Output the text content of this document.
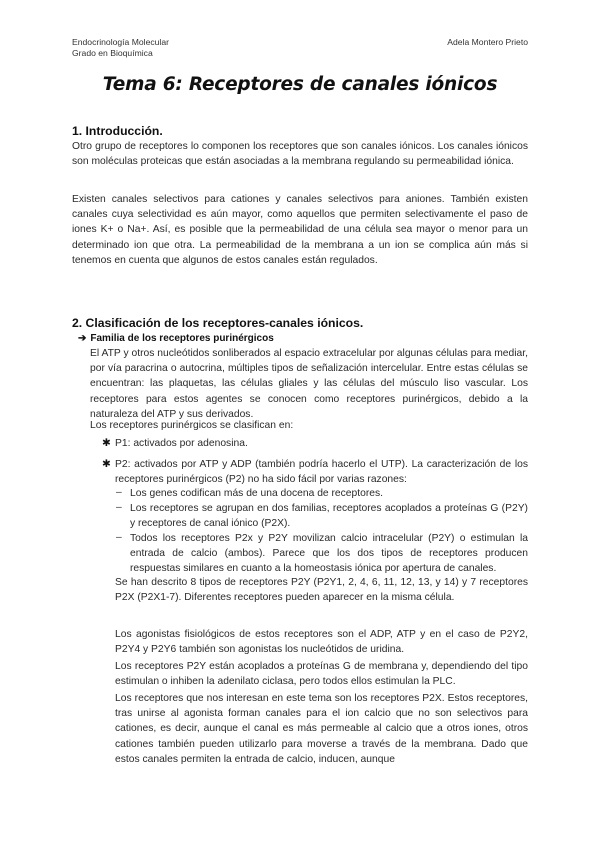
Endocrinología Molecular
Grado en Bioquímica
Adela Montero Prieto
Tema 6: Receptores de canales iónicos
1. Introducción.

Otro grupo de receptores lo componen los receptores que son canales iónicos. Los canales iónicos son moléculas proteicas que están asociadas a la membrana regulando su permeabilidad iónica.

Existen canales selectivos para cationes y canales selectivos para aniones. También existen canales cuya selectividad es aún mayor, como aquellos que permiten selectivamente el paso de iones K+ o Na+. Así, es posible que la permeabilidad de una célula sea mayor o menor para un determinado ion que otra. La permeabilidad de la membrana a un ion se complica aún más si tenemos en cuenta que algunos de estos canales están regulados.

2. Clasificación de los receptores-canales iónicos.
➔ Familia de los receptores purinérgicos

El ATP y otros nucleótidos sonliberados al espacio extracelular por algunas células para mediar, por vía paracrina o autocrina, múltiples tipos de señalización intercelular. Entre estas células se encuentran: las plaquetas, las células gliales y las células del músculo liso vascular. Los receptores para estos agentes se conocen como receptores purinérgicos, debido a la naturaleza del ATP y sus derivados.

Los receptores purinérgicos se clasifican en:

✱ P1: activados por adenosina.

✱ P2: activados por ATP y ADP (también podría hacerlo el UTP). La caracterización de los receptores purinérgicos (P2) no ha sido fácil por varias razones:

– Los genes codifican más de una docena de receptores.

– Los receptores se agrupan en dos familias, receptores acoplados a proteínas G (P2Y) y receptores de canal iónico (P2X).

– Todos los receptores P2x y P2Y movilizan calcio intracelular (P2Y) o estimulan la entrada de calcio (ambos). Parece que los dos tipos de receptores producen respuestas similares en cuanto a la homeostasis iónica por apertura de canales.

Se han descrito 8 tipos de receptores P2Y (P2Y1, 2, 4, 6, 11, 12, 13, y 14) y 7 receptores P2X (P2X1-7). Diferentes receptores pueden aparecer en la misma célula.

Los agonistas fisiológicos de estos receptores son el ADP, ATP y en el caso de P2Y2, P2Y4 y P2Y6 también son agonistas los nucleótidos de uridina.

Los receptores P2Y están acoplados a proteínas G de membrana y, dependiendo del tipo estimulan o inhiben la adenilato ciclasa, pero todos ellos estimulan la PLC.

Los receptores que nos interesan en este tema son los receptores P2X. Estos receptores, tras unirse al agonista forman canales para el ion calcio que no son selectivos para cationes, es decir, aunque el canal es más permeable al calcio que a otros iones, otros cationes también pueden utilizarlo para moverse a través de la membrana. Dado que estos canales permiten la entrada de calcio, inducen, aunque
